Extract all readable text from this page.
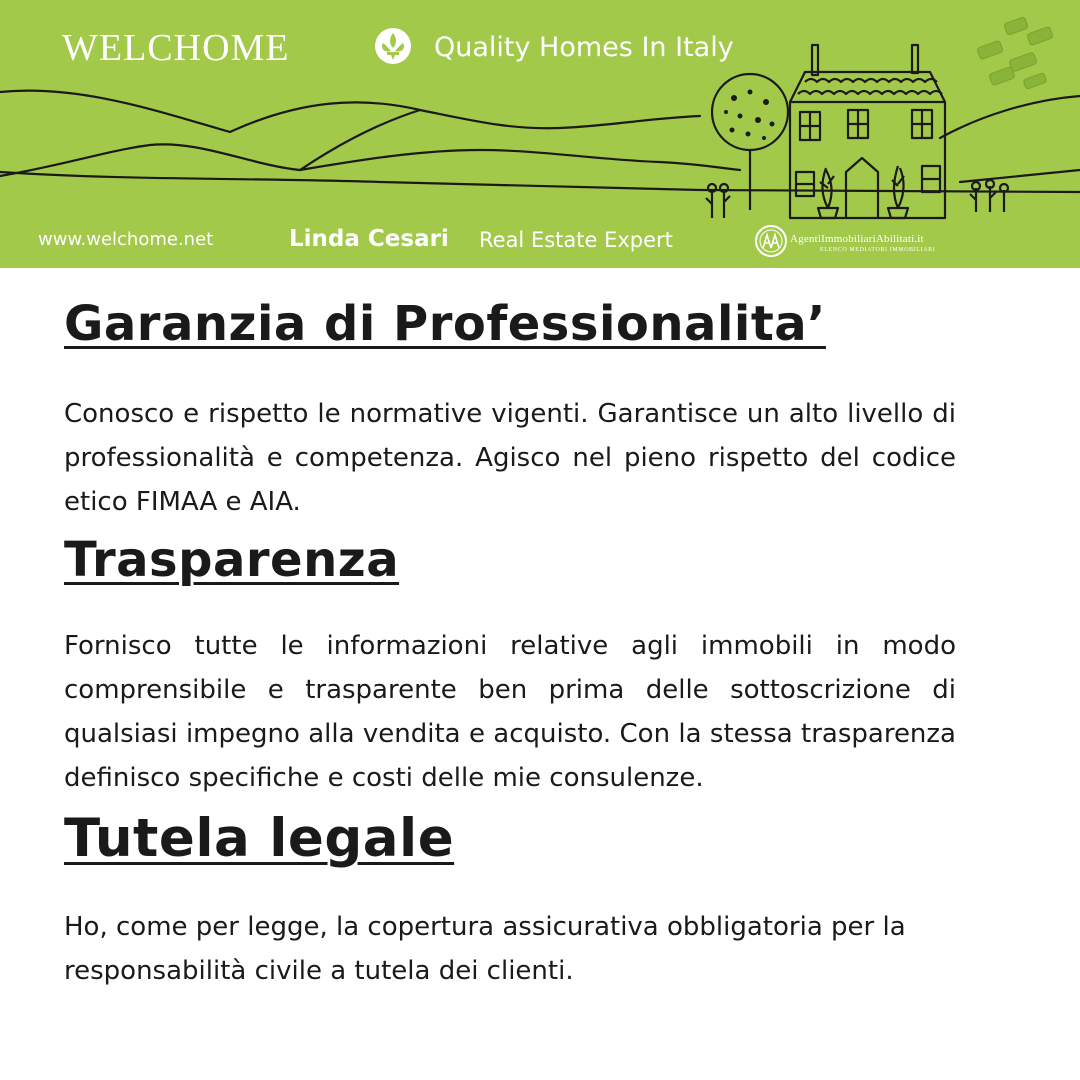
WELCHOME	Quality Homes In Italy
www.welchome.net	Linda Cesari Real Estate Expert	AgentiImmobiliariAbilitati.it
ELENCO MEDIATORI IMMOBILIARI
Garanzia di Professionalita’

Conosco e rispetto le normative vigenti. Garantisce un alto livello di professionalità e competenza. Agisco nel pieno rispetto del codice etico FIMAA e AIA.

Trasparenza

Fornisco tutte le informazioni relative agli immobili in modo comprensibile e trasparente ben prima delle sottoscrizione di qualsiasi impegno alla vendita e acquisto. Con la stessa trasparenza definisco specifiche e costi delle mie consulenze.

Tutela legale

Ho, come per legge, la copertura assicurativa obbligatoria per la responsabilità civile a tutela dei clienti.
